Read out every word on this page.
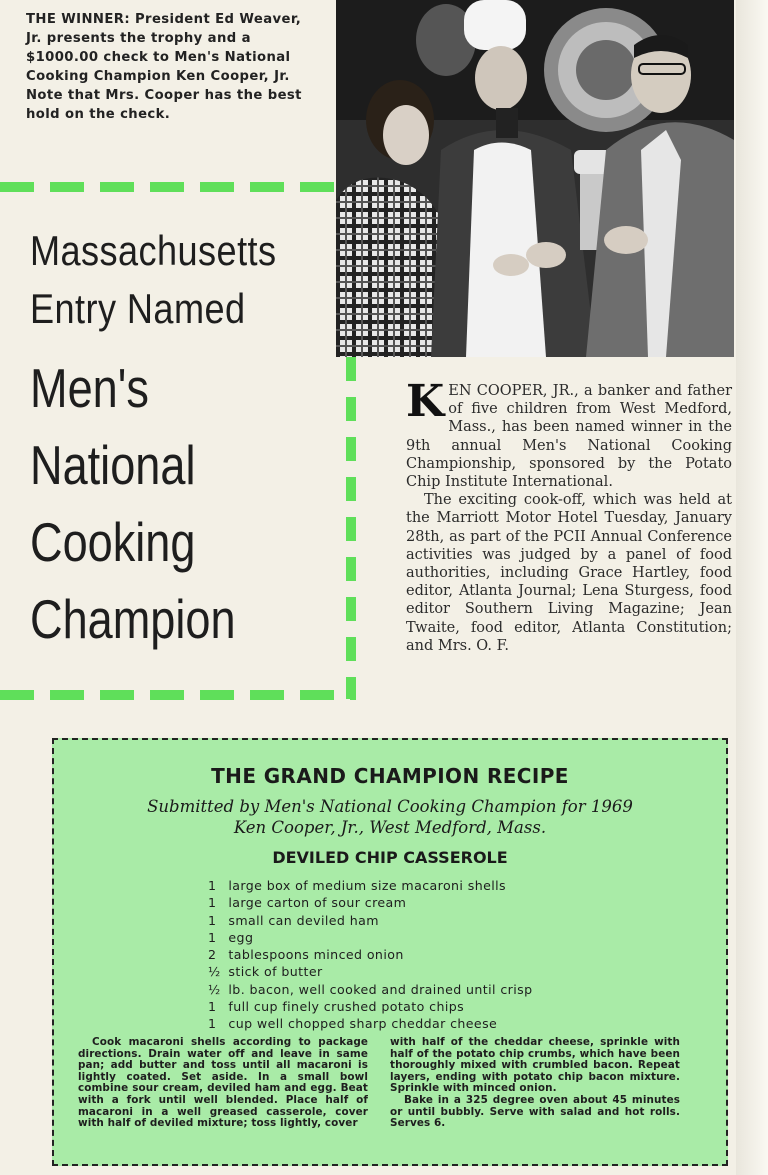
THE WINNER: President Ed Weaver, Jr. presents the trophy and a $1000.00 check to Men's National Cooking Champion Ken Cooper, Jr. Note that Mrs. Cooper has the best hold on the check.
Massachusetts
Entry Named
Men's
National
Cooking
Champion

KEN COOPER, JR., a banker and father of five children from West Medford, Mass., has been named winner in the 9th annual Men's National Cooking Championship, sponsored by the Potato Chip Institute International.

The exciting cook-off, which was held at the Marriott Motor Hotel Tuesday, January 28th, as part of the PCII Annual Conference activities was judged by a panel of food authorities, including Grace Hartley, food editor, Atlanta Journal; Lena Sturgess, food editor Southern Living Magazine; Jean Twaite, food editor, Atlanta Constitution; and Mrs. O. F.

THE GRAND CHAMPION RECIPE
Submitted by Men's National Cooking Champion for 1969
Ken Cooper, Jr., West Medford, Mass.
DEVILED CHIP CASSEROLE
1 large box of medium size macaroni shells
1 large carton of sour cream
1 small can deviled ham
1 egg
2 tablespoons minced onion
½ stick of butter
½ lb. bacon, well cooked and drained until crisp
1 full cup finely crushed potato chips
1 cup well chopped sharp cheddar cheese

Cook macaroni shells according to package directions. Drain water off and leave in same pan; add butter and toss until all macaroni is lightly coated. Set aside. In a small bowl combine sour cream, deviled ham and egg. Beat with a fork until well blended. Place half of macaroni in a well greased casserole, cover with half of deviled mixture; toss lightly, cover

with half of the cheddar cheese, sprinkle with half of the potato chip crumbs, which have been thoroughly mixed with crumbled bacon. Repeat layers, ending with potato chip bacon mixture. Sprinkle with minced onion.

Bake in a 325 degree oven about 45 minutes or until bubbly. Serve with salad and hot rolls. Serves 6.
